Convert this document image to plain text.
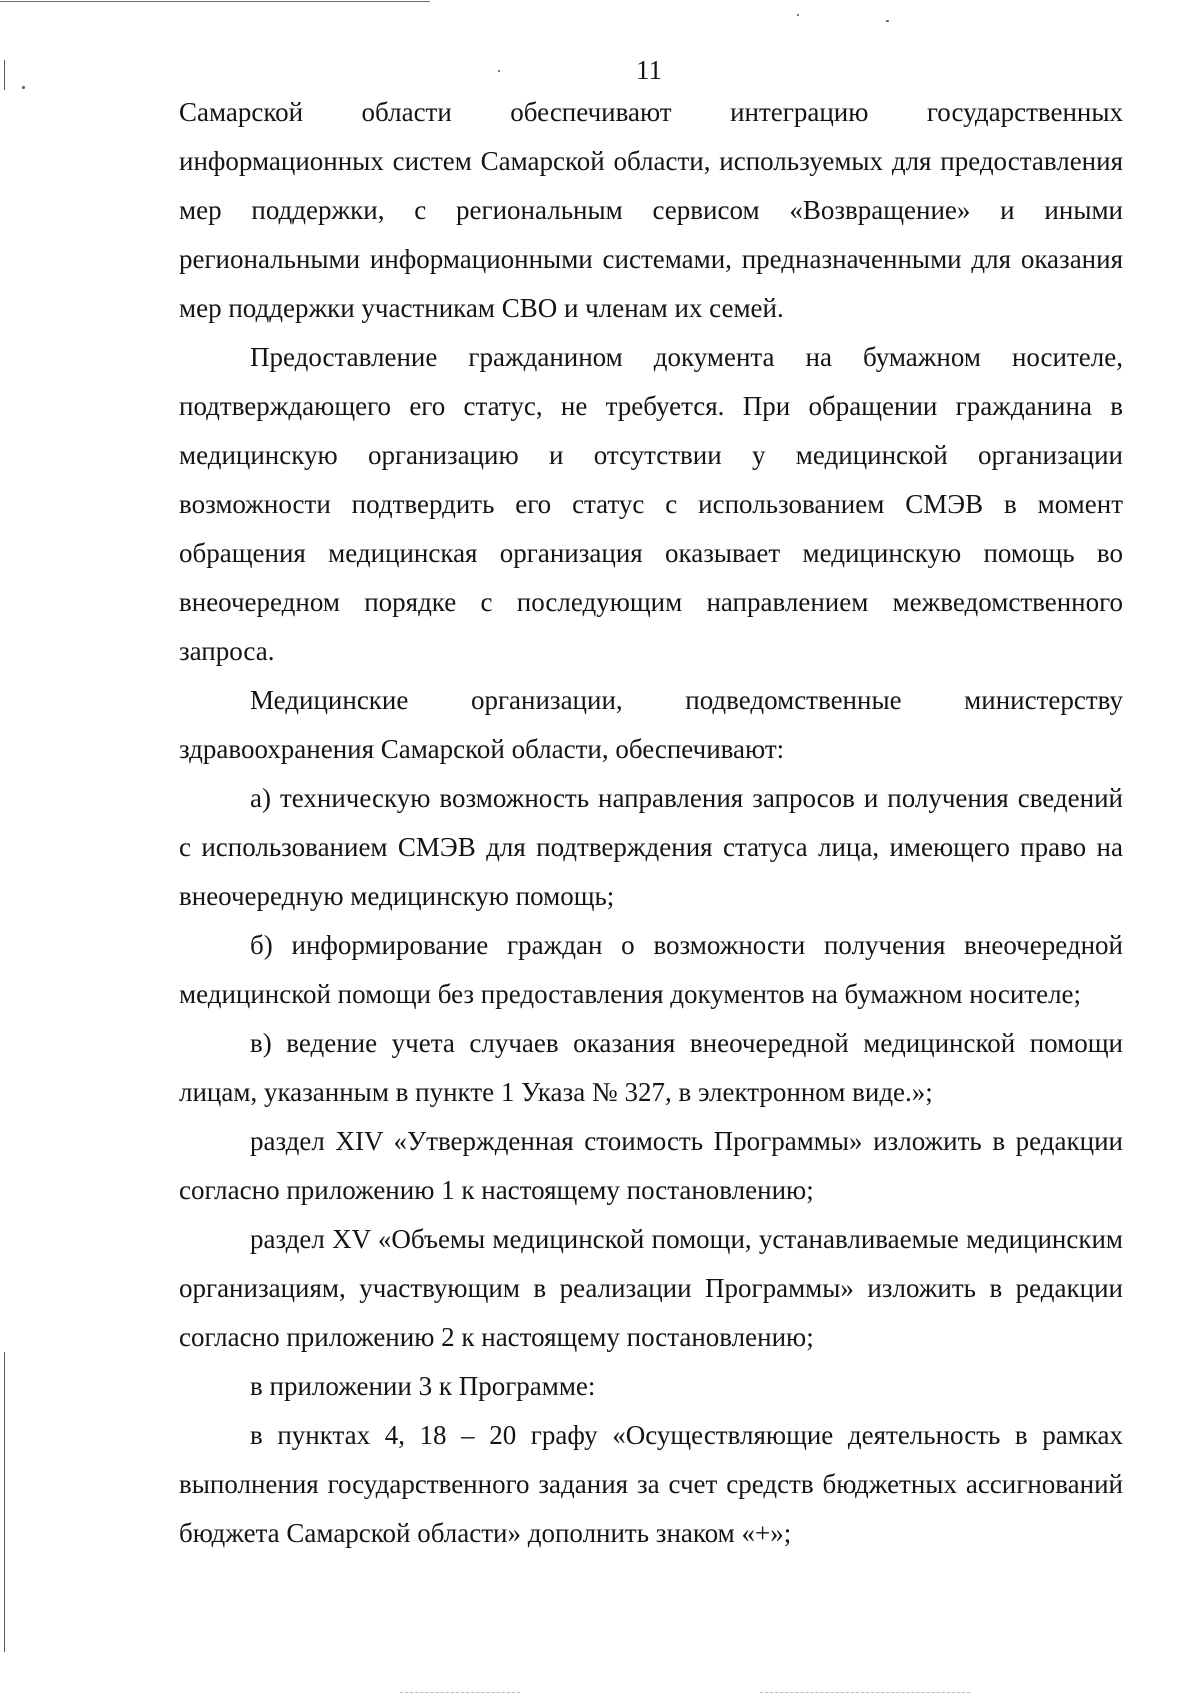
11

Самарской области обеспечивают интеграцию государственных информационных систем Самарской области, используемых для предоставления мер поддержки, с региональным сервисом «Возвращение» и иными региональными информационными системами, предназначенными для оказания мер поддержки участникам СВО и членам их семей.

Предоставление гражданином документа на бумажном носителе, подтверждающего его статус, не требуется. При обращении гражданина в медицинскую организацию и отсутствии у медицинской организации возможности подтвердить его статус с использованием СМЭВ в момент обращения медицинская организация оказывает медицинскую помощь во внеочередном порядке с последующим направлением межведомственного запроса.

Медицинские организации, подведомственные министерству здравоохранения Самарской области, обеспечивают:

а) техническую возможность направления запросов и получения сведений с использованием СМЭВ для подтверждения статуса лица, имеющего право на внеочередную медицинскую помощь;

б) информирование граждан о возможности получения внеочередной медицинской помощи без предоставления документов на бумажном носителе;

в) ведение учета случаев оказания внеочередной медицинской помощи лицам, указанным в пункте 1 Указа № 327, в электронном виде.»;

раздел XIV «Утвержденная стоимость Программы» изложить в редакции согласно приложению 1 к настоящему постановлению;

раздел XV «Объемы медицинской помощи, устанавливаемые медицинским организациям, участвующим в реализации Программы» изложить в редакции согласно приложению 2 к настоящему постановлению;

в приложении 3 к Программе:

в пунктах 4, 18 – 20 графу «Осуществляющие деятельность в рамках выполнения государственного задания за счет средств бюджетных ассигнований бюджета Самарской области» дополнить знаком «+»;
